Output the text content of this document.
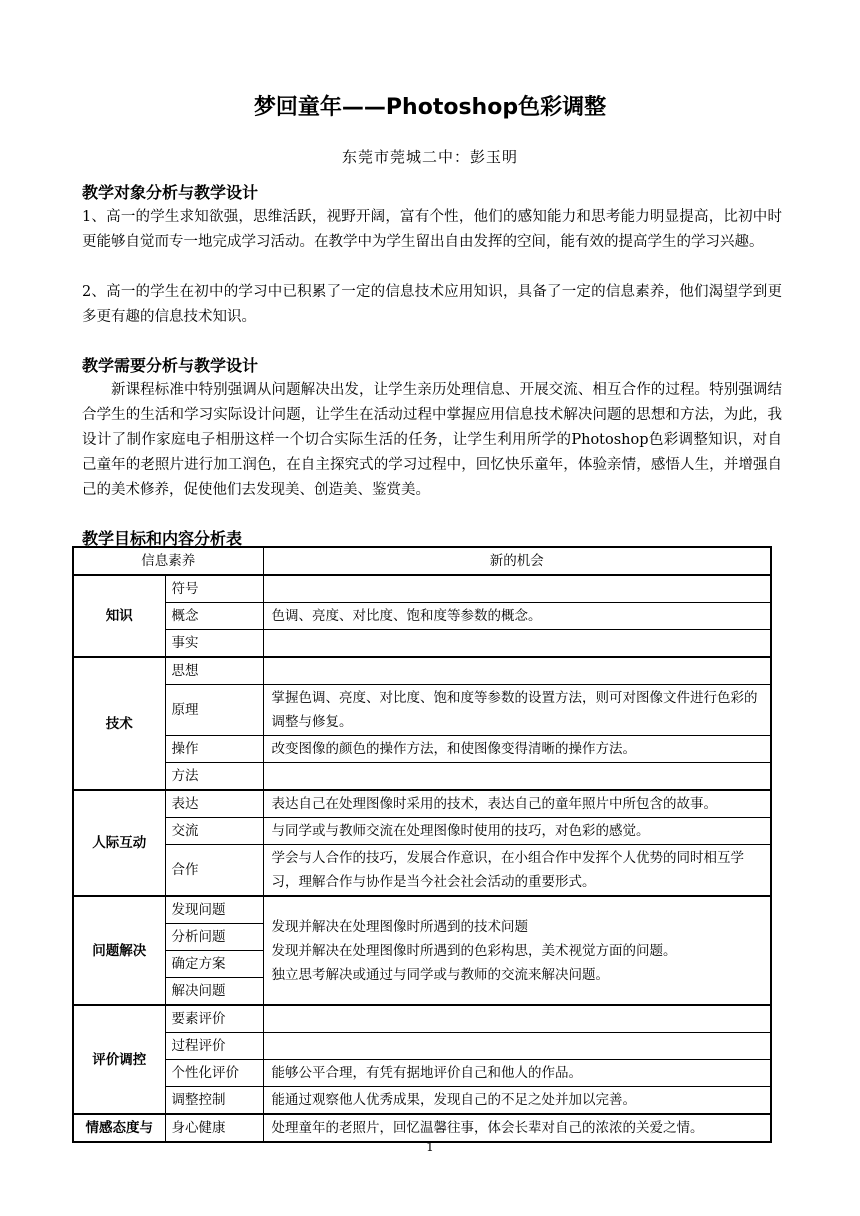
梦回童年——Photoshop色彩调整
东莞市莞城二中：彭玉明
教学对象分析与教学设计
1、高一的学生求知欲强，思维活跃，视野开阔，富有个性，他们的感知能力和思考能力明显提高，比初中时更能够自觉而专一地完成学习活动。在教学中为学生留出自由发挥的空间，能有效的提高学生的学习兴趣。
2、高一的学生在初中的学习中已积累了一定的信息技术应用知识，具备了一定的信息素养，他们渴望学到更多更有趣的信息技术知识。
教学需要分析与教学设计
新课程标准中特别强调从问题解决出发，让学生亲历处理信息、开展交流、相互合作的过程。特别强调结合学生的生活和学习实际设计问题，让学生在活动过程中掌握应用信息技术解决问题的思想和方法，为此，我设计了制作家庭电子相册这样一个切合实际生活的任务，让学生利用所学的Photoshop色彩调整知识，对自己童年的老照片进行加工润色，在自主探究式的学习过程中，回忆快乐童年，体验亲情，感悟人生，并增强自己的美术修养，促使他们去发现美、创造美、鉴赏美。
教学目标和内容分析表
信息素养		新的机会
知识	符号	
	概念	色调、亮度、对比度、饱和度等参数的概念。
	事实	
技术	思想	
	原理	掌握色调、亮度、对比度、饱和度等参数的设置方法，则可对图像文件进行色彩的调整与修复。
	操作	改变图像的颜色的操作方法，和使图像变得清晰的操作方法。
	方法	
人际互动	表达	表达自己在处理图像时采用的技术，表达自己的童年照片中所包含的故事。
	交流	与同学或与教师交流在处理图像时使用的技巧，对色彩的感觉。
	合作	学会与人合作的技巧，发展合作意识，在小组合作中发挥个人优势的同时相互学习，理解合作与协作是当今社会社会活动的重要形式。
问题解决	发现问题	发现并解决在处理图像时所遇到的技术问题
发现并解决在处理图像时所遇到的色彩构思，美术视觉方面的问题。
独立思考解决或通过与同学或与教师的交流来解决问题。

	分析问题	
	确定方案	
	解决问题	
评价调控	要素评价	
	过程评价	
	个性化评价	能够公平合理，有凭有据地评价自己和他人的作品。
	调整控制	能通过观察他人优秀成果，发现自己的不足之处并加以完善。
情感态度与	身心健康	处理童年的老照片，回忆温馨往事，体会长辈对自己的浓浓的关爱之情。
1
